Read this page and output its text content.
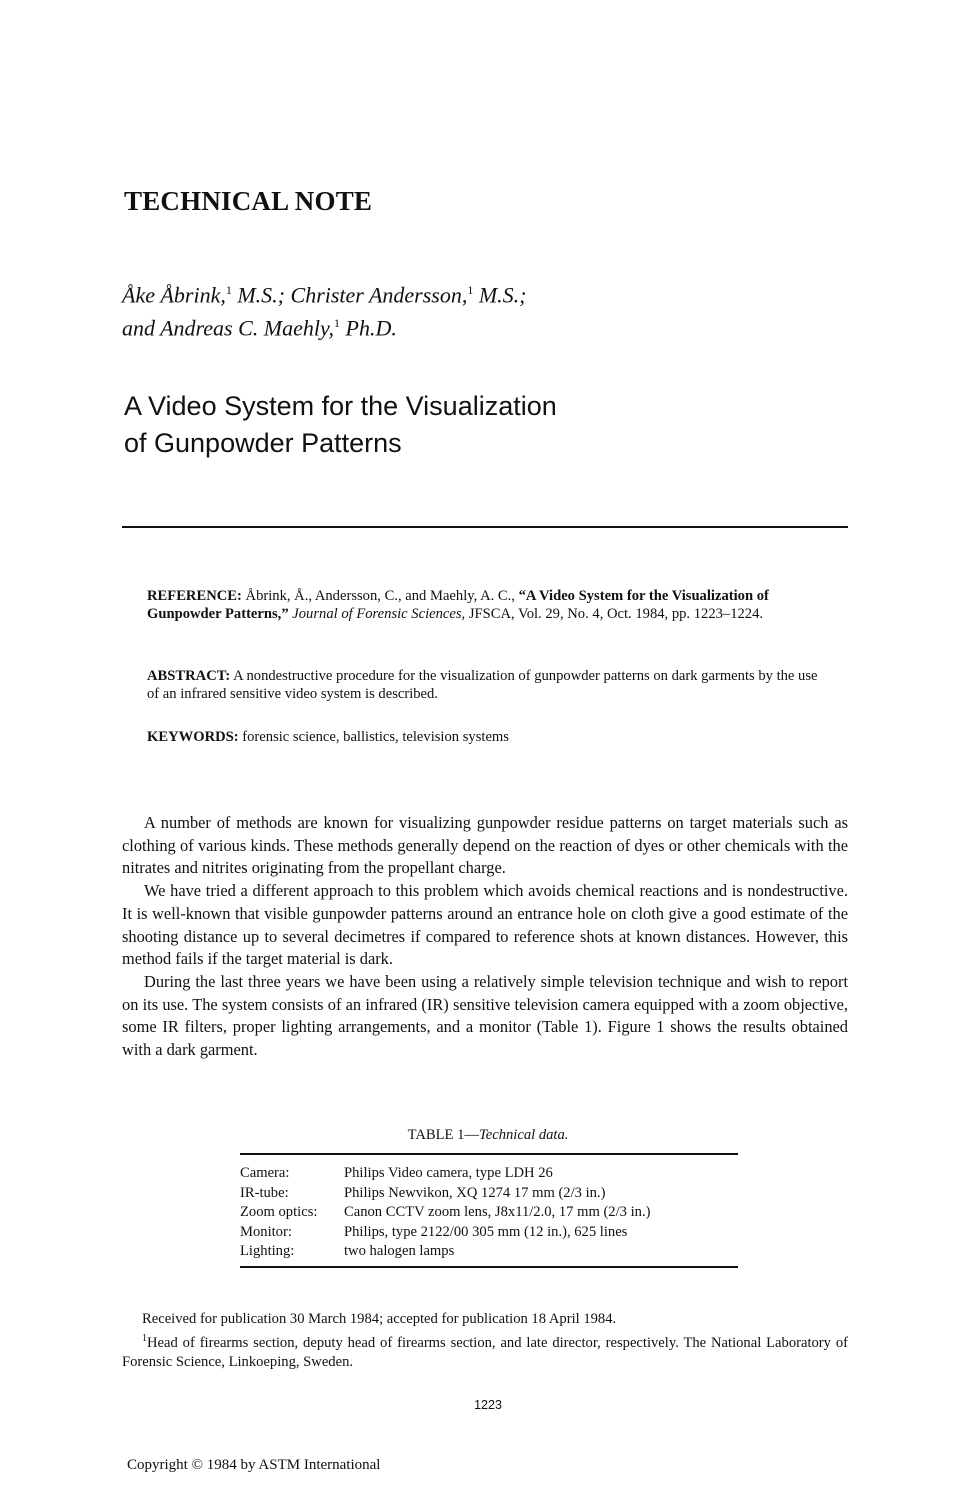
TECHNICAL NOTE
Åke Åbrink,$^1$ M.S.; Christer Andersson,$^1$ M.S.;
and Andreas C. Maehly,$^1$ Ph.D.
A Video System for the Visualization
of Gunpowder Patterns
REFERENCE: Åbrink, Å., Andersson, C., and Maehly, A. C., “A Video System for the Visualization of Gunpowder Patterns,” Journal of Forensic Sciences, JFSCA, Vol. 29, No. 4, Oct. 1984, pp. 1223–1224.
ABSTRACT: A nondestructive procedure for the visualization of gunpowder patterns on dark garments by the use of an infrared sensitive video system is described.
KEYWORDS: forensic science, ballistics, television systems

A number of methods are known for visualizing gunpowder residue patterns on target materials such as clothing of various kinds. These methods generally depend on the reaction of dyes or other chemicals with the nitrates and nitrites originating from the propellant charge.

We have tried a different approach to this problem which avoids chemical reactions and is nondestructive. It is well-known that visible gunpowder patterns around an entrance hole on cloth give a good estimate of the shooting distance up to several decimetres if compared to reference shots at known distances. However, this method fails if the target material is dark.

During the last three years we have been using a relatively simple television technique and wish to report on its use. The system consists of an infrared (IR) sensitive television camera equipped with a zoom objective, some IR filters, proper lighting arrangements, and a monitor (Table 1). Figure 1 shows the results obtained with a dark garment.

TABLE 1—Technical data.
Camera:	Philips Video camera, type LDH 26
IR-tube:	Philips Newvikon, XQ 1274 17 mm (2/3 in.)
Zoom optics:	Canon CCTV zoom lens, J8x11/2.0, 17 mm (2/3 in.)
Monitor:	Philips, type 2122/00 305 mm (12 in.), 625 lines
Lighting:	two halogen lamps
Received for publication 30 March 1984; accepted for publication 18 April 1984.
$^1$Head of firearms section, deputy head of firearms section, and late director, respectively. The National Laboratory of Forensic Science, Linkoeping, Sweden.
1223
Copyright © 1984 by ASTM International
